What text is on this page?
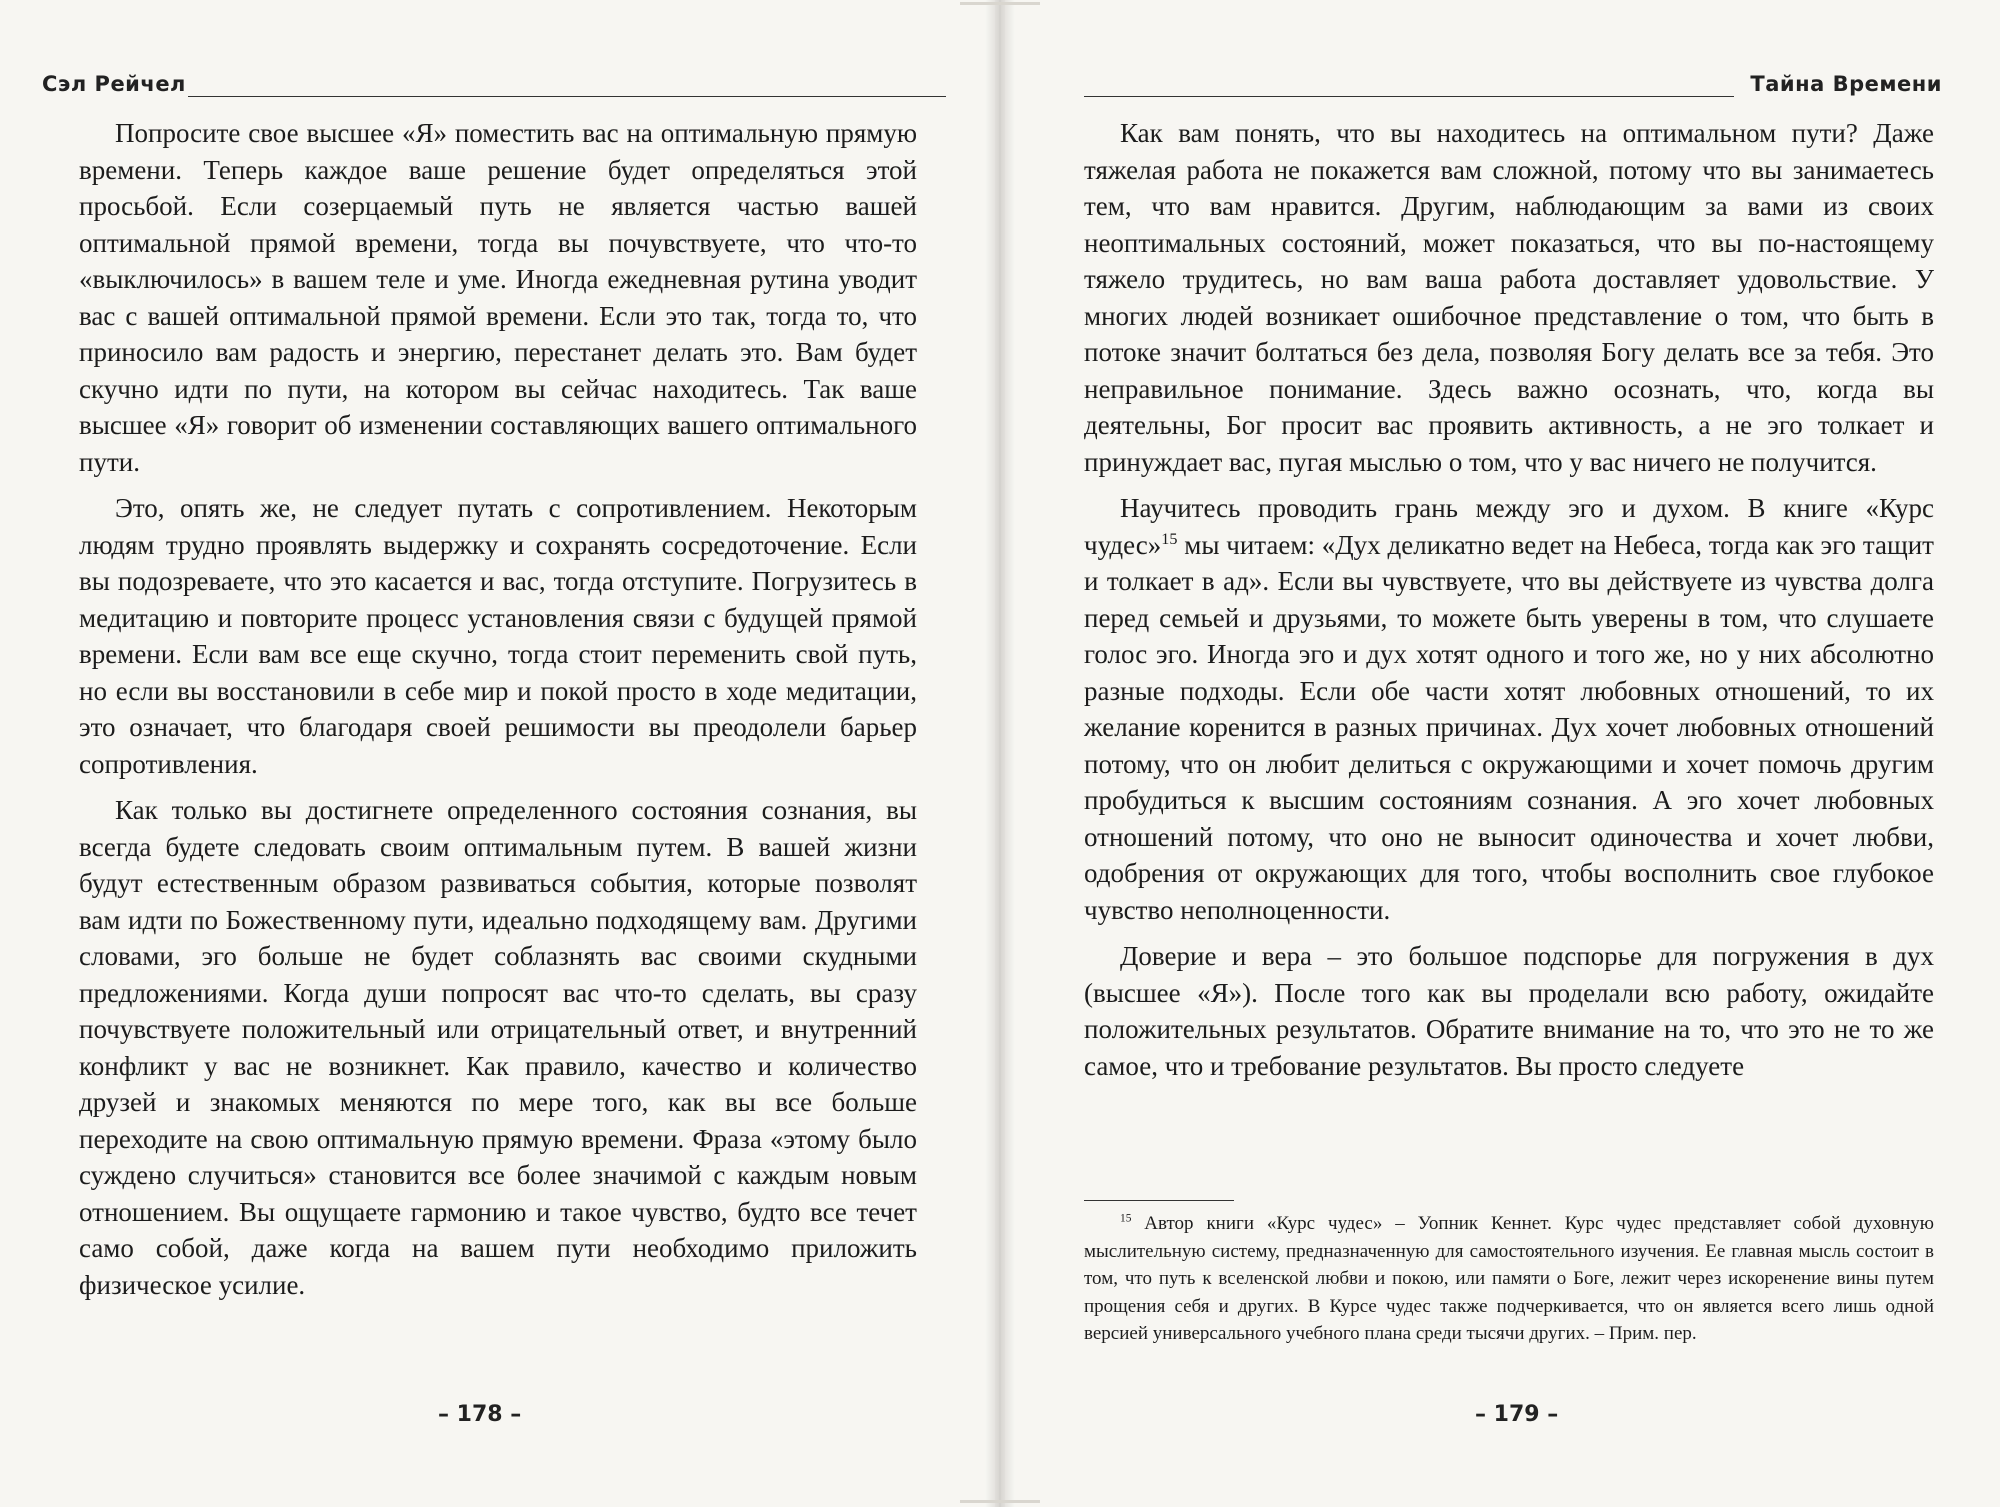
Сэл Рейчел

Попросите свое высшее «Я» поместить вас на оптимальную прямую времени. Теперь каждое ваше решение будет определяться этой просьбой. Если созерцаемый путь не является частью вашей оптимальной прямой времени, тогда вы почувствуете, что что-то «выключилось» в вашем теле и уме. Иногда ежедневная рутина уводит вас с вашей оптимальной прямой времени. Если это так, тогда то, что приносило вам радость и энергию, перестанет делать это. Вам будет скучно идти по пути, на котором вы сейчас находитесь. Так ваше высшее «Я» говорит об изменении составляющих вашего оптимального пути.

Это, опять же, не следует путать с сопротивлением. Некоторым людям трудно проявлять выдержку и сохранять сосредоточение. Если вы подозреваете, что это касается и вас, тогда отступите. Погрузитесь в медитацию и повторите процесс установления связи с будущей прямой времени. Если вам все еще скучно, тогда стоит переменить свой путь, но если вы восстановили в себе мир и покой просто в ходе медитации, это означает, что благодаря своей решимости вы преодолели барьер сопротивления.

Как только вы достигнете определенного состояния сознания, вы всегда будете следовать своим оптимальным путем. В вашей жизни будут естественным образом развиваться события, которые позволят вам идти по Божественному пути, идеально подходящему вам. Другими словами, эго больше не будет соблазнять вас своими скудными предложениями. Когда души попросят вас что-то сделать, вы сразу почувствуете положительный или отрицательный ответ, и внутренний конфликт у вас не возникнет. Как правило, качество и количество друзей и знакомых меняются по мере того, как вы все больше переходите на свою оптимальную прямую времени. Фраза «этому было суждено случиться» становится все более значимой с каждым новым отношением. Вы ощущаете гармонию и такое чувство, будто все течет само собой, даже когда на вашем пути необходимо приложить физическое усилие.

– 178 –
Тайна Времени

Как вам понять, что вы находитесь на оптимальном пути? Даже тяжелая работа не покажется вам сложной, потому что вы занимаетесь тем, что вам нравится. Другим, наблюдающим за вами из своих неоптимальных состояний, может показаться, что вы по-настоящему тяжело трудитесь, но вам ваша работа доставляет удовольствие. У многих людей возникает ошибочное представление о том, что быть в потоке значит болтаться без дела, позволяя Богу делать все за тебя. Это неправильное понимание. Здесь важно осознать, что, когда вы деятельны, Бог просит вас проявить активность, а не эго толкает и принуждает вас, пугая мыслью о том, что у вас ничего не получится.

Научитесь проводить грань между эго и духом. В книге «Курс чудес»$^{15}$ мы читаем: «Дух деликатно ведет на Небеса, тогда как эго тащит и толкает в ад». Если вы чувствуете, что вы действуете из чувства долга перед семьей и друзьями, то можете быть уверены в том, что слушаете голос эго. Иногда эго и дух хотят одного и того же, но у них абсолютно разные подходы. Если обе части хотят любовных отношений, то их желание коренится в разных причинах. Дух хочет любовных отношений потому, что он любит делиться с окружающими и хочет помочь другим пробудиться к высшим состояниям сознания. А эго хочет любовных отношений потому, что оно не выносит одиночества и хочет любви, одобрения от окружающих для того, чтобы восполнить свое глубокое чувство неполноценности.

Доверие и вера – это большое подспорье для погружения в дух (высшее «Я»). После того как вы проделали всю работу, ожидайте положительных результатов. Обратите внимание на то, что это не то же самое, что и требование результатов. Вы просто следуете

$^{15}$ Автор книги «Курс чудес» – Уопник Кеннет. Курс чудес представляет собой духовную мыслительную систему, предназначенную для самостоятельного изучения. Ее главная мысль состоит в том, что путь к вселенской любви и покою, или памяти о Боге, лежит через искоренение вины путем прощения себя и других. В Курсе чудес также подчеркивается, что он является всего лишь одной версией универсального учебного плана среди тысячи других. – Прим. пер.

– 179 –
